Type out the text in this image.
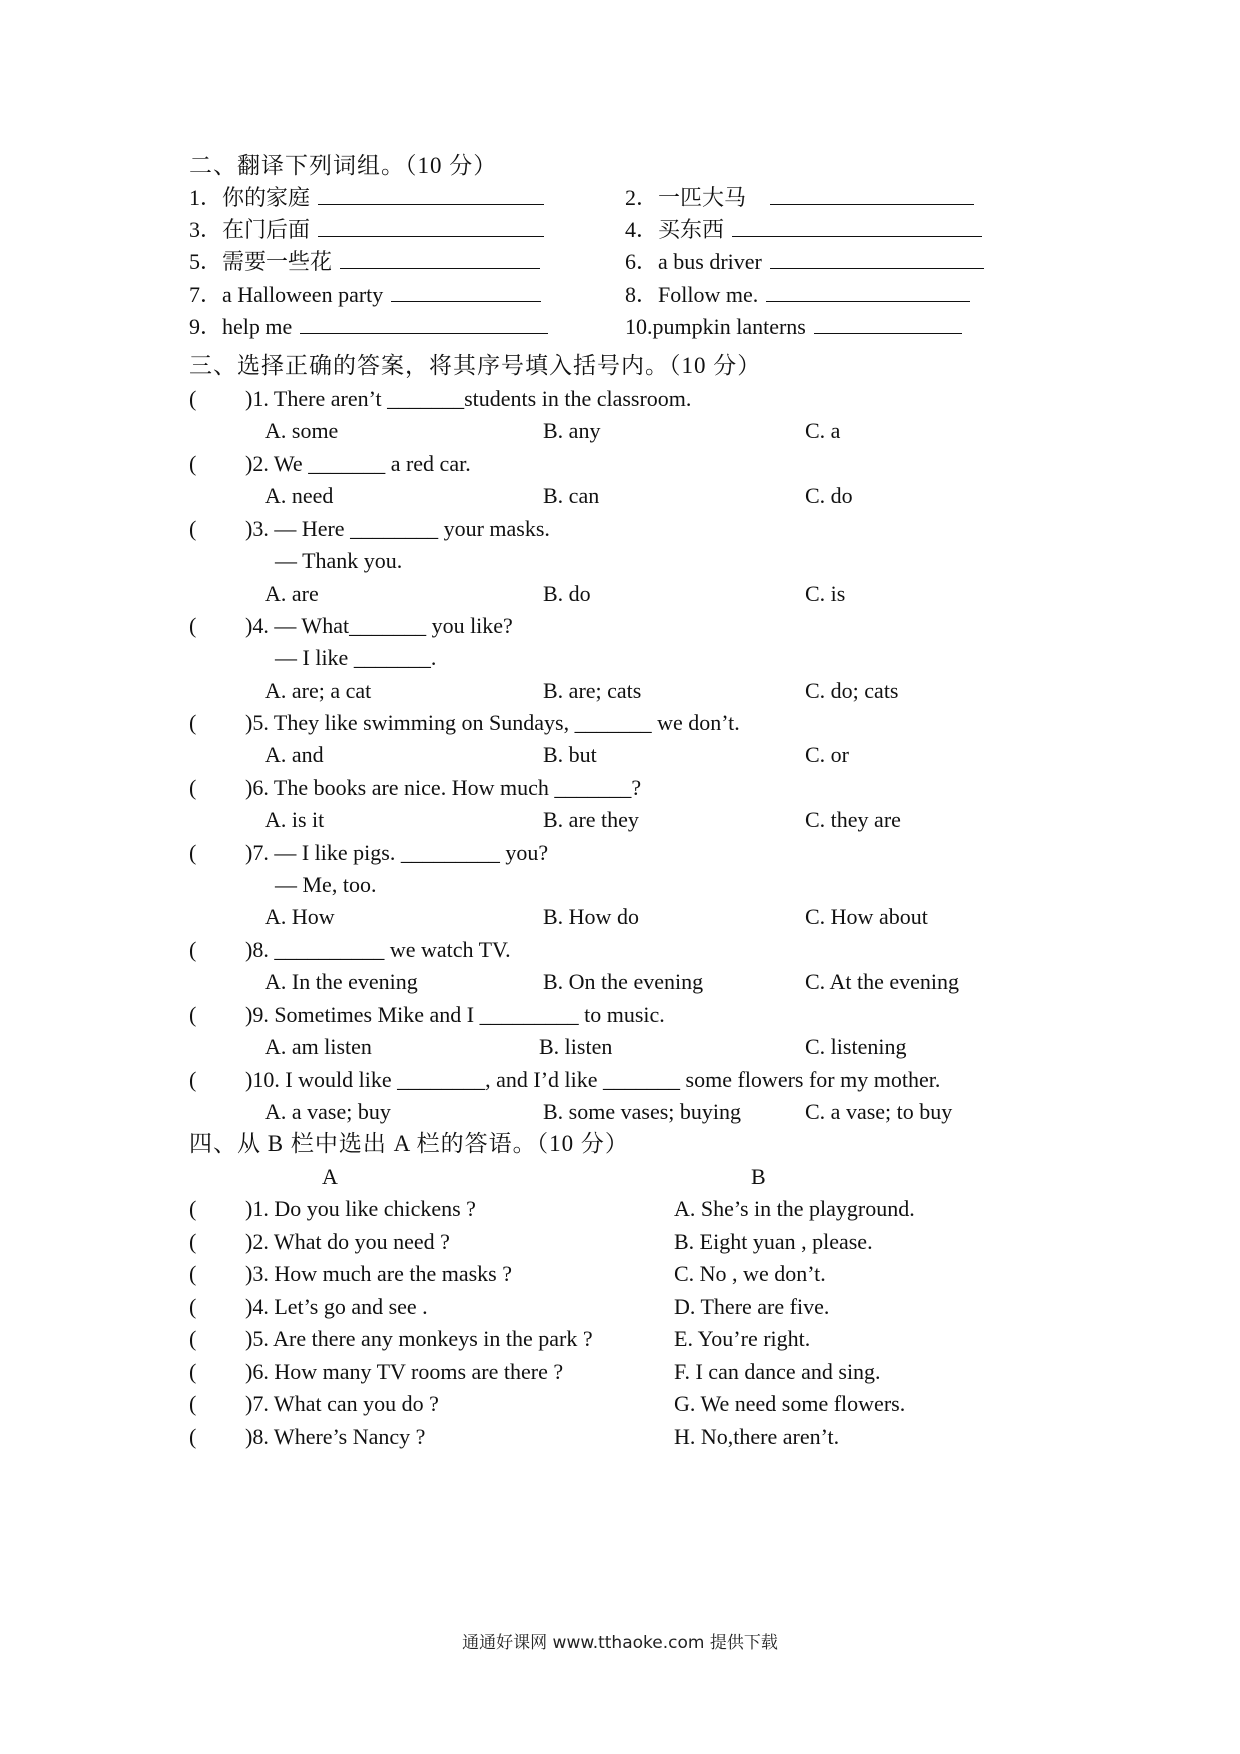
二、翻译下列词组。（10 分）
1．你的家庭	2．一匹大马
3．在门后面	4．买东西
5．需要一些花	6．a bus driver
7．a Halloween party	8．Follow me.
9．help me	10.pumpkin lanterns
三、选择正确的答案，将其序号填入括号内。（10 分）
( )1. There aren’t _______students in the classroom.
A. some	B. any	C. a
( )2. We _______ a red car.
A. need	B. can	C. do
( )3. — Here ________ your masks.
— Thank you.
A. are	B. do	C. is
( )4. — What_______ you like?
— I like _______.
A. are; a cat	B. are; cats	C. do; cats
( )5. They like swimming on Sundays, _______ we don’t.
A. and	B. but	C. or
( )6. The books are nice. How much _______?
A. is it	B. are they	C. they are
( )7. — I like pigs. _________ you?
— Me, too.
A. How	B. How do	C. How about
( )8. __________ we watch TV.
A. In the evening	B. On the evening	C. At the evening
( )9. Sometimes Mike and I _________ to music.
A. am listen	B. listen	C. listening
( )10. I would like ________, and I’d like _______ some flowers for my mother.
A. a vase; buy	B. some vases; buying	C. a vase; to buy
四、从 B 栏中选出 A 栏的答语。（10 分）
A	B
( )1. Do you like chickens ?	A. She’s in the playground.
( )2. What do you need ?	B. Eight yuan , please.
( )3. How much are the masks ?	C. No , we don’t.
( )4. Let’s go and see .	D. There are five.
( )5. Are there any monkeys in the park ?	E. You’re right.
( )6. How many TV rooms are there ?	F. I can dance and sing.
( )7. What can you do ?	G. We need some flowers.
( )8. Where’s Nancy ?	H. No,there aren’t.
通通好课网 www.tthaoke.com 提供下载
